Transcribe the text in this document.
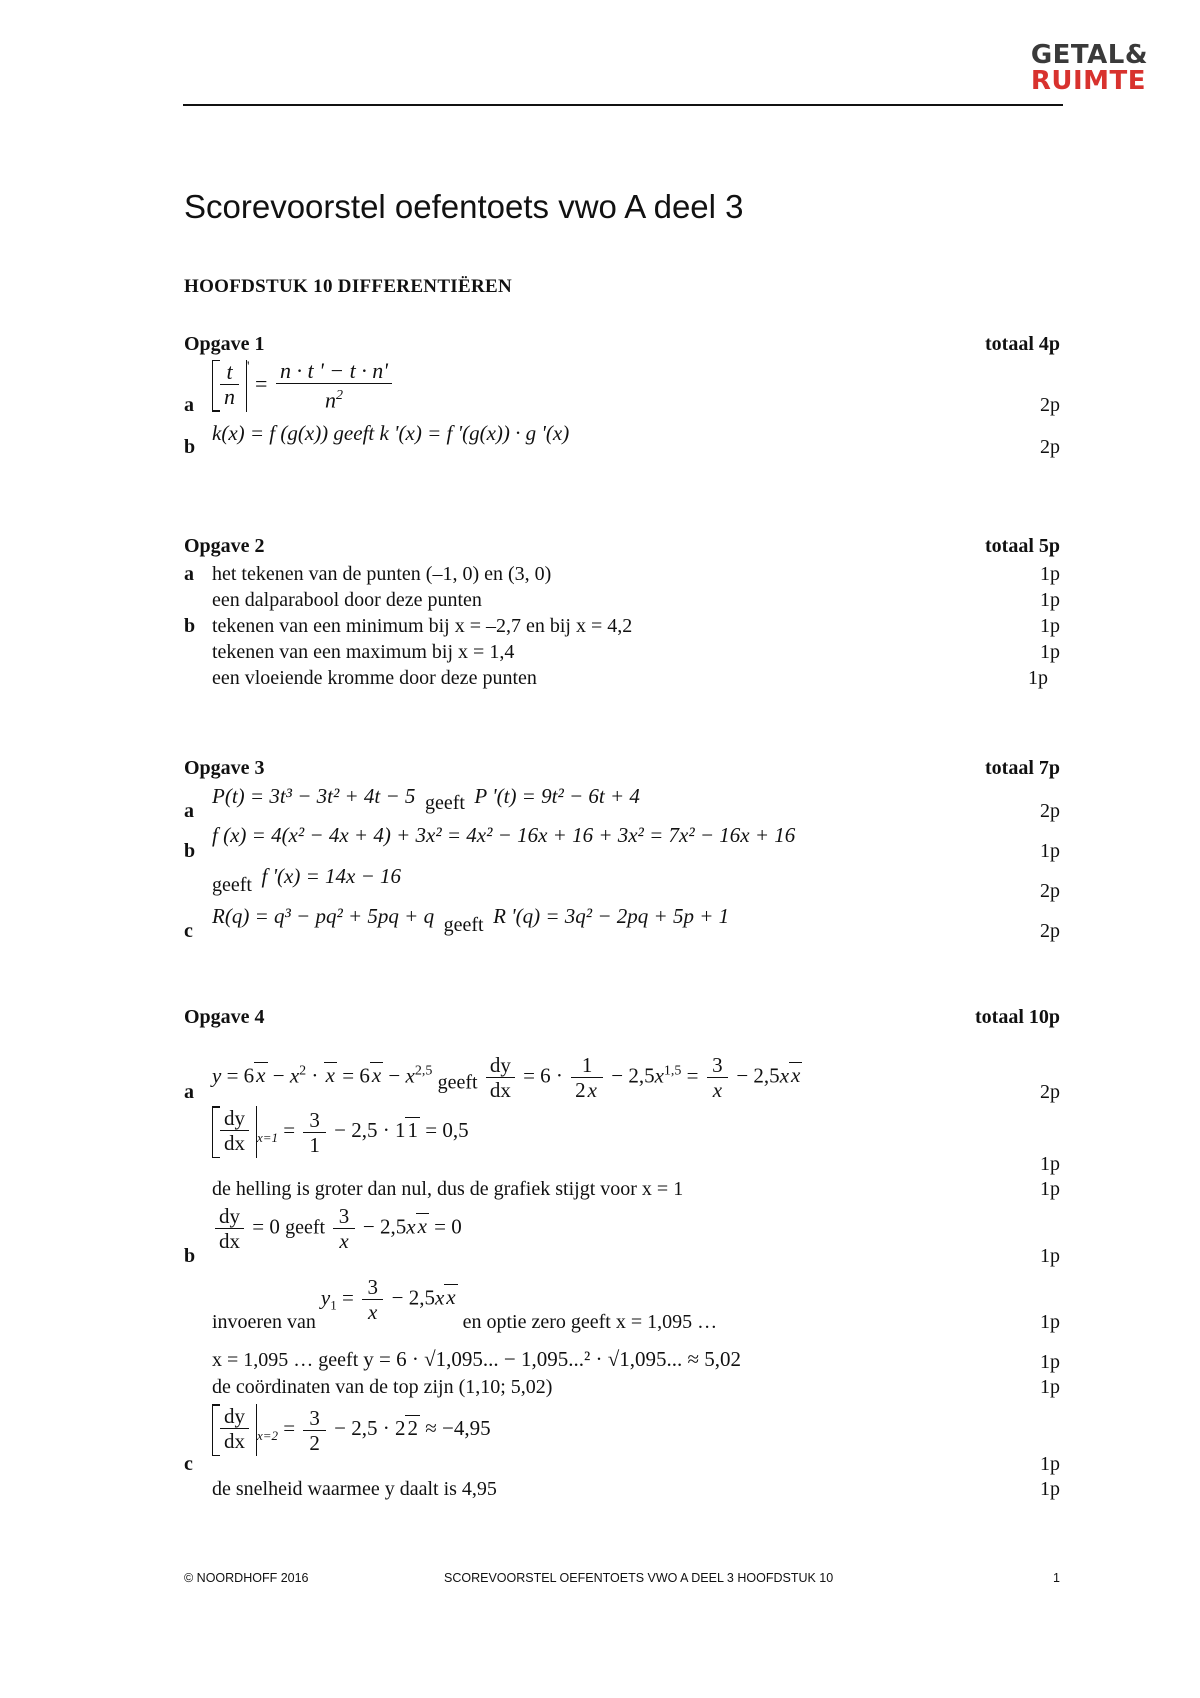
GETAL&
RUIMTE
Scorevoorstel oefentoets vwo A deel 3
HOOFDSTUK 10 DIFFERENTIËREN
Opgave 1	totaal 4p
a $\frac{t}{n} ' = \frac{n \cdot t ' - t \cdot n'}{n^2}$	2p
b
k(x) = f (g(x)) geeft k '(x) = f '(g(x)) · g '(x)
2p
Opgave 2	totaal 5p
a het tekenen van de punten (–1, 0) en (3, 0)	1p
een dalparabool door deze punten	1p
b tekenen van een minimum bij x = –2,7 en bij x = 4,2	1p
tekenen van een maximum bij x = 1,4	1p
een vloeiende kromme door deze punten	1p
Opgave 3	totaal 7p
a
P(t) = 3t³ − 3t² + 4t − 5 geeft P '(t) = 9t² − 6t + 4
2p
b
f (x) = 4(x² − 4x + 4) + 3x² = 4x² − 16x + 16 + 3x² = 7x² − 16x + 16
1p
geeft f '(x) = 14x − 16
2p
c
R(q) = q³ − pq² + 5pq + q geeft R '(q) = 3q² − 2pq + 5p + 1
2p
Opgave 4	totaal 10p
a
$y = 6x - x^2 \cdot x = 6x - x^{2,5}$ geeft $\frac{dy}{dx} = 6 \cdot \frac{1}{2x} - 2,5x^{1,5} = \frac{3}{x} - 2,5xx$
2p
$\frac{dy}{dx} _{x=1} = \frac{3}{1} - 2,5 \cdot 11 = 0,5$
1p
de helling is groter dan nul, dus de grafiek stijgt voor x = 1	1p
b
$\frac{dy}{dx} = 0$ geeft $\frac{3}{x} - 2,5xx = 0$
1p
invoeren van $y_1 = \frac{3}{x} - 2,5xx$ en optie zero geeft x = 1,095 …	1p
x = 1,095 … geeft y = 6 · √1,095... − 1,095...² · √1,095... ≈ 5,02	1p
de coördinaten van de top zijn (1,10; 5,02)	1p
c
$\frac{dy}{dx} _{x=2} = \frac{3}{2} - 2,5 \cdot 22 \approx -4,95$
1p
de snelheid waarmee y daalt is 4,95	1p
© NOORDHOFF 2016	SCOREVOORSTEL OEFENTOETS VWO A DEEL 3 HOOFDSTUK 10	1
